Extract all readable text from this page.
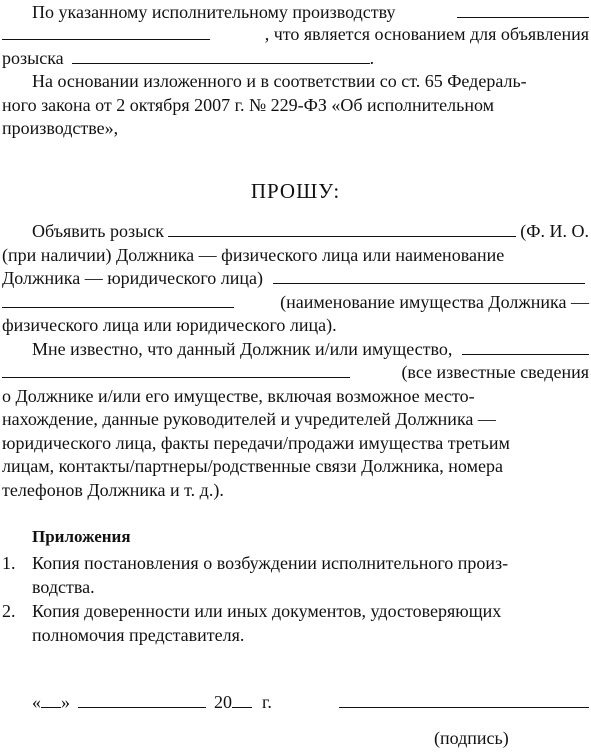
По указанному исполнительному производству
, что является основанием для объявления
розыска	.
На основании изложенного и в соответствии со ст. 65 Федераль-
ного закона от 2 октября 2007 г. № 229-ФЗ «Об исполнительном
производстве»,
ПРОШУ:
Объявить розыск	(Ф. И. О.
(при наличии) Должника — физического лица или наименование
Должника — юридического лица)
(наименование имущества Должника —
физического лица или юридического лица).
Мне известно, что данный Должник и/или имущество,
(все известные сведения
о Должнике и/или его имуществе, включая возможное место-
нахождение, данные руководителей и учредителей Должника —
юридического лица, факты передачи/продажи имущества третьим
лицам, контакты/партнеры/родственные связи Должника, номера
телефонов Должника и т. д.).
Приложения
1. Копия постановления о возбуждении исполнительного произ-
водства.
2. Копия доверенности или иных документов, удостоверяющих
полномочия представителя.
« »	20 г.
(подпись)
